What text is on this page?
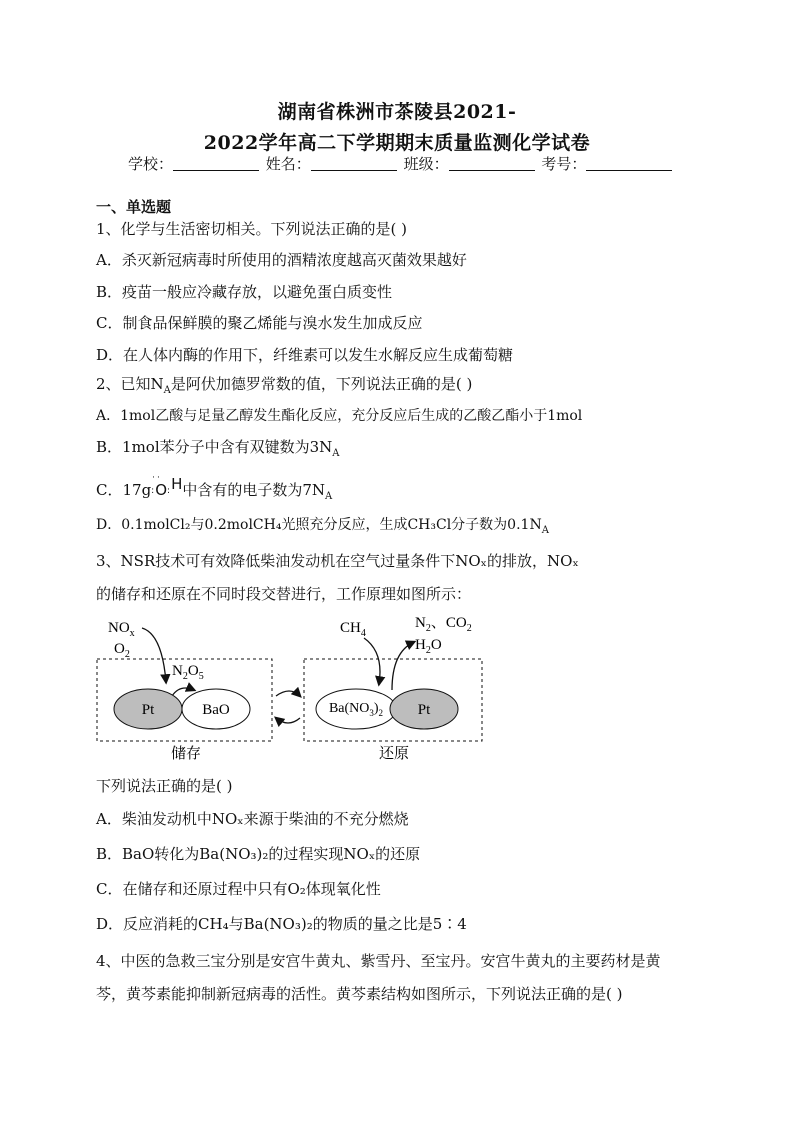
湖南省株洲市茶陵县2021-
2022学年高二下学期期末质量监测化学试卷
学校：	姓名：	班级：	考号：
一、单选题
1、化学与生活密切相关。下列说法正确的是( )
A．杀灭新冠病毒时所使用的酒精浓度越高灭菌效果越好
B．疫苗一般应冷藏存放，以避免蛋白质变性
C．制食品保鲜膜的聚乙烯能与溴水发生加成反应
D．在人体内酶的作用下，纤维素可以发生水解反应生成葡萄糖
2、已知$N_A$是阿伏加德罗常数的值，下列说法正确的是( )
A．1mol乙酸与足量乙醇发生酯化反应，充分反应后生成的乙酸乙酯小于1mol
B．1mol苯分子中含有双键数为$3N_A$
C．17g:
··
O:H中含有的电子数为$7N_A$
D．0.1molCl₂与0.2molCH₄光照充分反应，生成CH₃Cl分子数为$0.1N_A$
3、NSR技术可有效降低柴油发动机在空气过量条件下NOₓ的排放，NOₓ
的储存和还原在不同时段交替进行，工作原理如图所示：
$NO_x$
$O_2$
$N_2O_5$
Pt	BaO
$CH_4$
$N_2$、$CO_2$
$H_2O$
$Ba(NO_3)_2$ Pt
储存	还原
下列说法正确的是( )
A．柴油发动机中NOₓ来源于柴油的不充分燃烧
B．BaO转化为Ba(NO₃)₂的过程实现NOₓ的还原
C．在储存和还原过程中只有O₂体现氧化性
D．反应消耗的CH₄与Ba(NO₃)₂的物质的量之比是5∶4
4、中医的急救三宝分别是安宫牛黄丸、紫雪丹、至宝丹。安宫牛黄丸的主要药材是黄
芩，黄芩素能抑制新冠病毒的活性。黄芩素结构如图所示，下列说法正确的是( )
